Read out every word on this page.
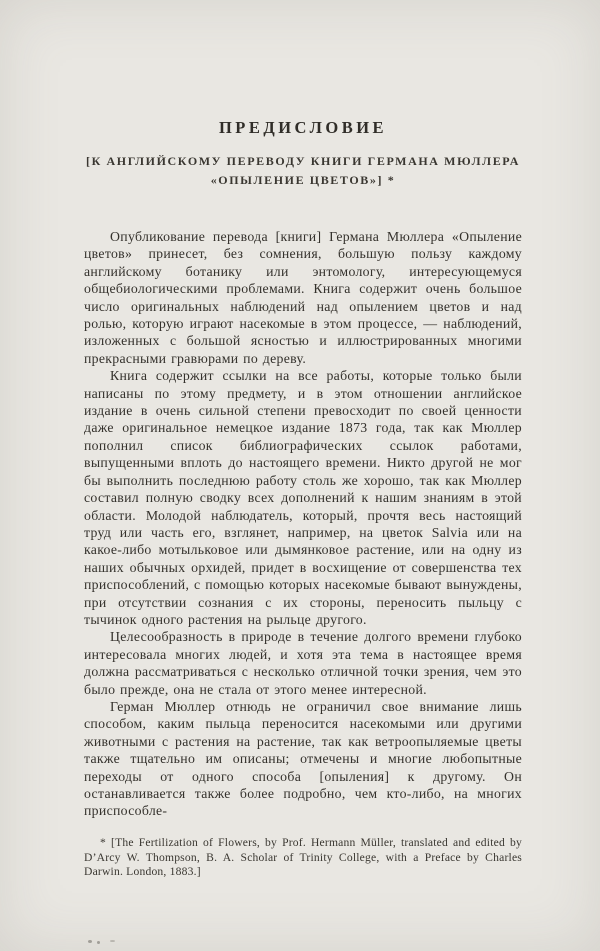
ПРЕДИСЛОВИЕ
[К АНГЛИЙСКОМУ ПЕРЕВОДУ КНИГИ ГЕРМАНА МЮЛЛЕРА
«ОПЫЛЕНИЕ ЦВЕТОВ»] *

Опубликование перевода [книги] Германа Мюллера «Опыление цветов» принесет, без сомнения, большую пользу каждому английскому ботанику или энтомологу, интересующемуся общебиологическими проблемами. Книга содержит очень большое число оригинальных наблюдений над опылением цветов и над ролью, которую играют насекомые в этом процессе, — наблюдений, изложенных с большой ясностью и иллюстрированных многими прекрасными гравюрами по дереву.

Книга содержит ссылки на все работы, которые только были написаны по этому предмету, и в этом отношении английское издание в очень сильной степени превосходит по своей ценности даже оригинальное немецкое издание 1873 года, так как Мюллер пополнил список библиографических ссылок работами, выпущенными вплоть до настоящего времени. Никто другой не мог бы выполнить последнюю работу столь же хорошо, так как Мюллер составил полную сводку всех дополнений к нашим знаниям в этой области. Молодой наблюдатель, который, прочтя весь настоящий труд или часть его, взглянет, например, на цветок Salvia или на какое-либо мотыльковое или дымянковое растение, или на одну из наших обычных орхидей, придет в восхищение от совершенства тех приспособлений, с помощью которых насекомые бывают вынуждены, при отсутствии сознания с их стороны, переносить пыльцу с тычинок одного растения на рыльце другого.

Целесообразность в природе в течение долгого времени глубоко интересовала многих людей, и хотя эта тема в настоящее время должна рассматриваться с несколько отличной точки зрения, чем это было прежде, она не стала от этого менее интересной.

Герман Мюллер отнюдь не ограничил свое внимание лишь способом, каким пыльца переносится насекомыми или другими животными с растения на растение, так как ветроопыляемые цветы также тщательно им описаны; отмечены и многие любопытные переходы от одного способа [опыления] к другому. Он останавливается также более подробно, чем кто-либо, на многих приспособле-

* [The Fertilization of Flowers, by Prof. Hermann Müller, translated and edited by D’Arcy W. Thompson, B. A. Scholar of Trinity College, with a Preface by Charles Darwin. London, 1883.]
